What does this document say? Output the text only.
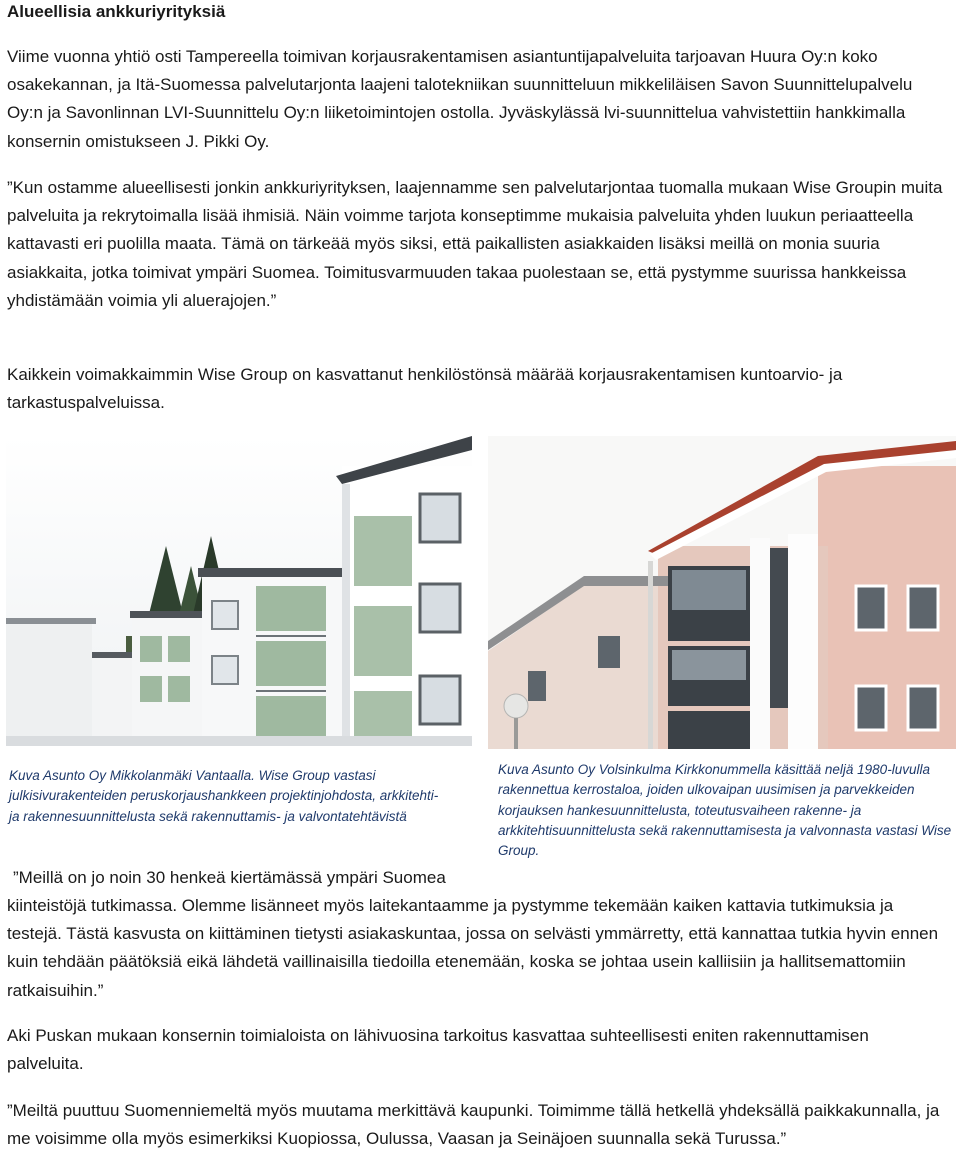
Alueellisia ankkuriyrityksiä

Viime vuonna yhtiö osti Tampereella toimivan korjausrakentamisen asiantuntijapalveluita tarjoavan Huura Oy:n koko osakekannan, ja Itä-Suomessa palvelutarjonta laajeni talotekniikan suunnitteluun mikkeliläisen Savon Suunnittelupalvelu Oy:n ja Savonlinnan LVI-Suunnittelu Oy:n liiketoimintojen ostolla. Jyväskylässä lvi-suunnittelua vahvistettiin hankkimalla konsernin omistukseen J. Pikki Oy.

”Kun ostamme alueellisesti jonkin ankkuriyrityksen, laajennamme sen palvelutarjontaa tuomalla mukaan Wise Groupin muita palveluita ja rekrytoimalla lisää ihmisiä. Näin voimme tarjota konseptimme mukaisia palveluita yhden luukun periaatteella kattavasti eri puolilla maata. Tämä on tärkeää myös siksi, että paikallisten asiakkaiden lisäksi meillä on monia suuria asiakkaita, jotka toimivat ympäri Suomea. Toimitusvarmuuden takaa puolestaan se, että pystymme suurissa hankkeissa yhdistämään voimia yli aluerajojen.”

Kaikkein voimakkaimmin Wise Group on kasvattanut henkilöstönsä määrää korjausrakentamisen kuntoarvio- ja tarkastuspalveluissa.

Kuva Asunto Oy Mikkolanmäki Vantaalla. Wise Group vastasi julkisivurakenteiden peruskorjaushankkeen projektinjohdosta, arkkitehti- ja rakennesuunnittelusta sekä rakennuttamis- ja valvontatehtävistä

Kuva Asunto Oy Volsinkulma Kirkkonummella käsittää neljä 1980-luvulla rakennettua kerrostaloa, joiden ulkovaipan uusimisen ja parvekkeiden korjauksen hankesuunnittelusta, toteutusvaiheen rakenne- ja arkkitehtisuunnittelusta sekä rakennuttamisesta ja valvonnasta vastasi Wise Group.

”Meillä on jo noin 30 henkeä kiertämässä ympäri Suomea

kiinteistöjä tutkimassa. Olemme lisänneet myös laitekantaamme ja pystymme tekemään kaiken kattavia tutkimuksia ja testejä. Tästä kasvusta on kiittäminen tietysti asiakaskuntaa, jossa on selvästi ymmärretty, että kannattaa tutkia hyvin ennen kuin tehdään päätöksiä eikä lähdetä vaillinaisilla tiedoilla etenemään, koska se johtaa usein kalliisiin ja hallitsemattomiin ratkaisuihin.”

Aki Puskan mukaan konsernin toimialoista on lähivuosina tarkoitus kasvattaa suhteellisesti eniten rakennuttamisen palveluita.

”Meiltä puuttuu Suomenniemeltä myös muutama merkittävä kaupunki. Toimimme tällä hetkellä yhdeksällä paikkakunnalla, ja me voisimme olla myös esimerkiksi Kuopiossa, Oulussa, Vaasan ja Seinäjoen suunnalla sekä Turussa.”
